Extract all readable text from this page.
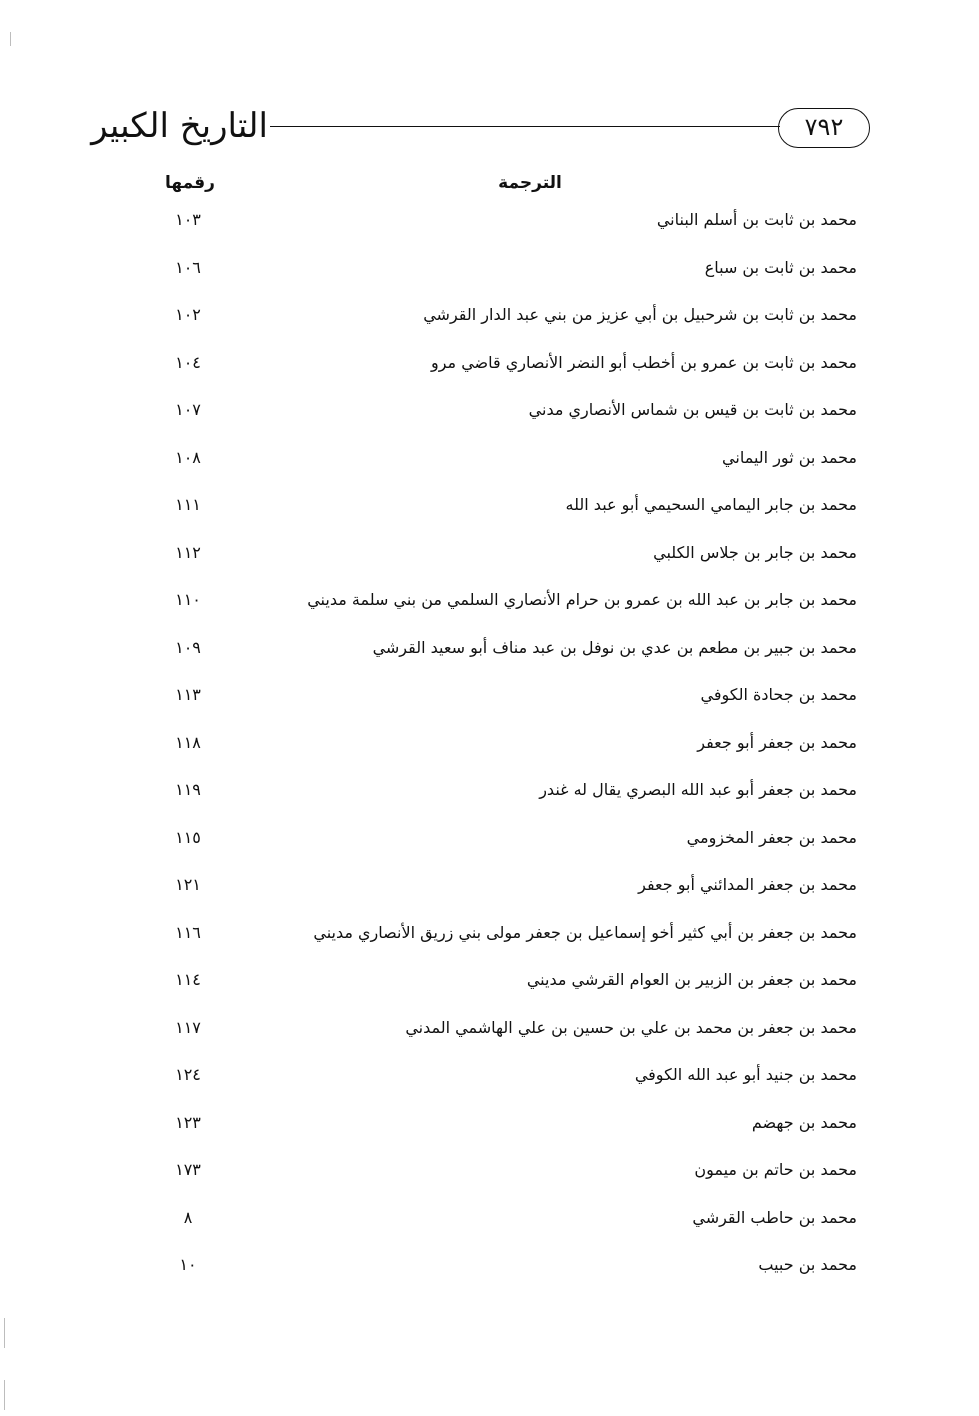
التاريخ الكبير	٧٩٢
الترجمة
رقمها
محمد بن ثابت بن أسلم البناني
١٠٣
محمد بن ثابت بن سباع
١٠٦
محمد بن ثابت بن شرحبيل بن أبي عزيز من بني عبد الدار القرشي
١٠٢
محمد بن ثابت بن عمرو بن أخطب أبو النضر الأنصاري قاضي مرو
١٠٤
محمد بن ثابت بن قيس بن شماس الأنصاري مدني
١٠٧
محمد بن ثور اليماني
١٠٨
محمد بن جابر اليمامي السحيمي أبو عبد الله
١١١
محمد بن جابر بن جلاس الكلبي
١١٢
محمد بن جابر بن عبد الله بن عمرو بن حرام الأنصاري السلمي من بني سلمة مديني
١١٠
محمد بن جبير بن مطعم بن عدي بن نوفل بن عبد مناف أبو سعيد القرشي
١٠٩
محمد بن جحادة الكوفي
١١٣
محمد بن جعفر أبو جعفر
١١٨
محمد بن جعفر أبو عبد الله البصري يقال له غندر
١١٩
محمد بن جعفر المخزومي
١١٥
محمد بن جعفر المدائني أبو جعفر
١٢١
محمد بن جعفر بن أبي كثير أخو إسماعيل بن جعفر مولى بني زريق الأنصاري مديني
١١٦
محمد بن جعفر بن الزبير بن العوام القرشي مديني
١١٤
محمد بن جعفر بن محمد بن علي بن حسين بن علي الهاشمي المدني
١١٧
محمد بن جنيد أبو عبد الله الكوفي
١٢٤
محمد بن جهضم
١٢٣
محمد بن حاتم بن ميمون
١٧٣
محمد بن حاطب القرشي
٨
محمد بن حبيب
١٠
